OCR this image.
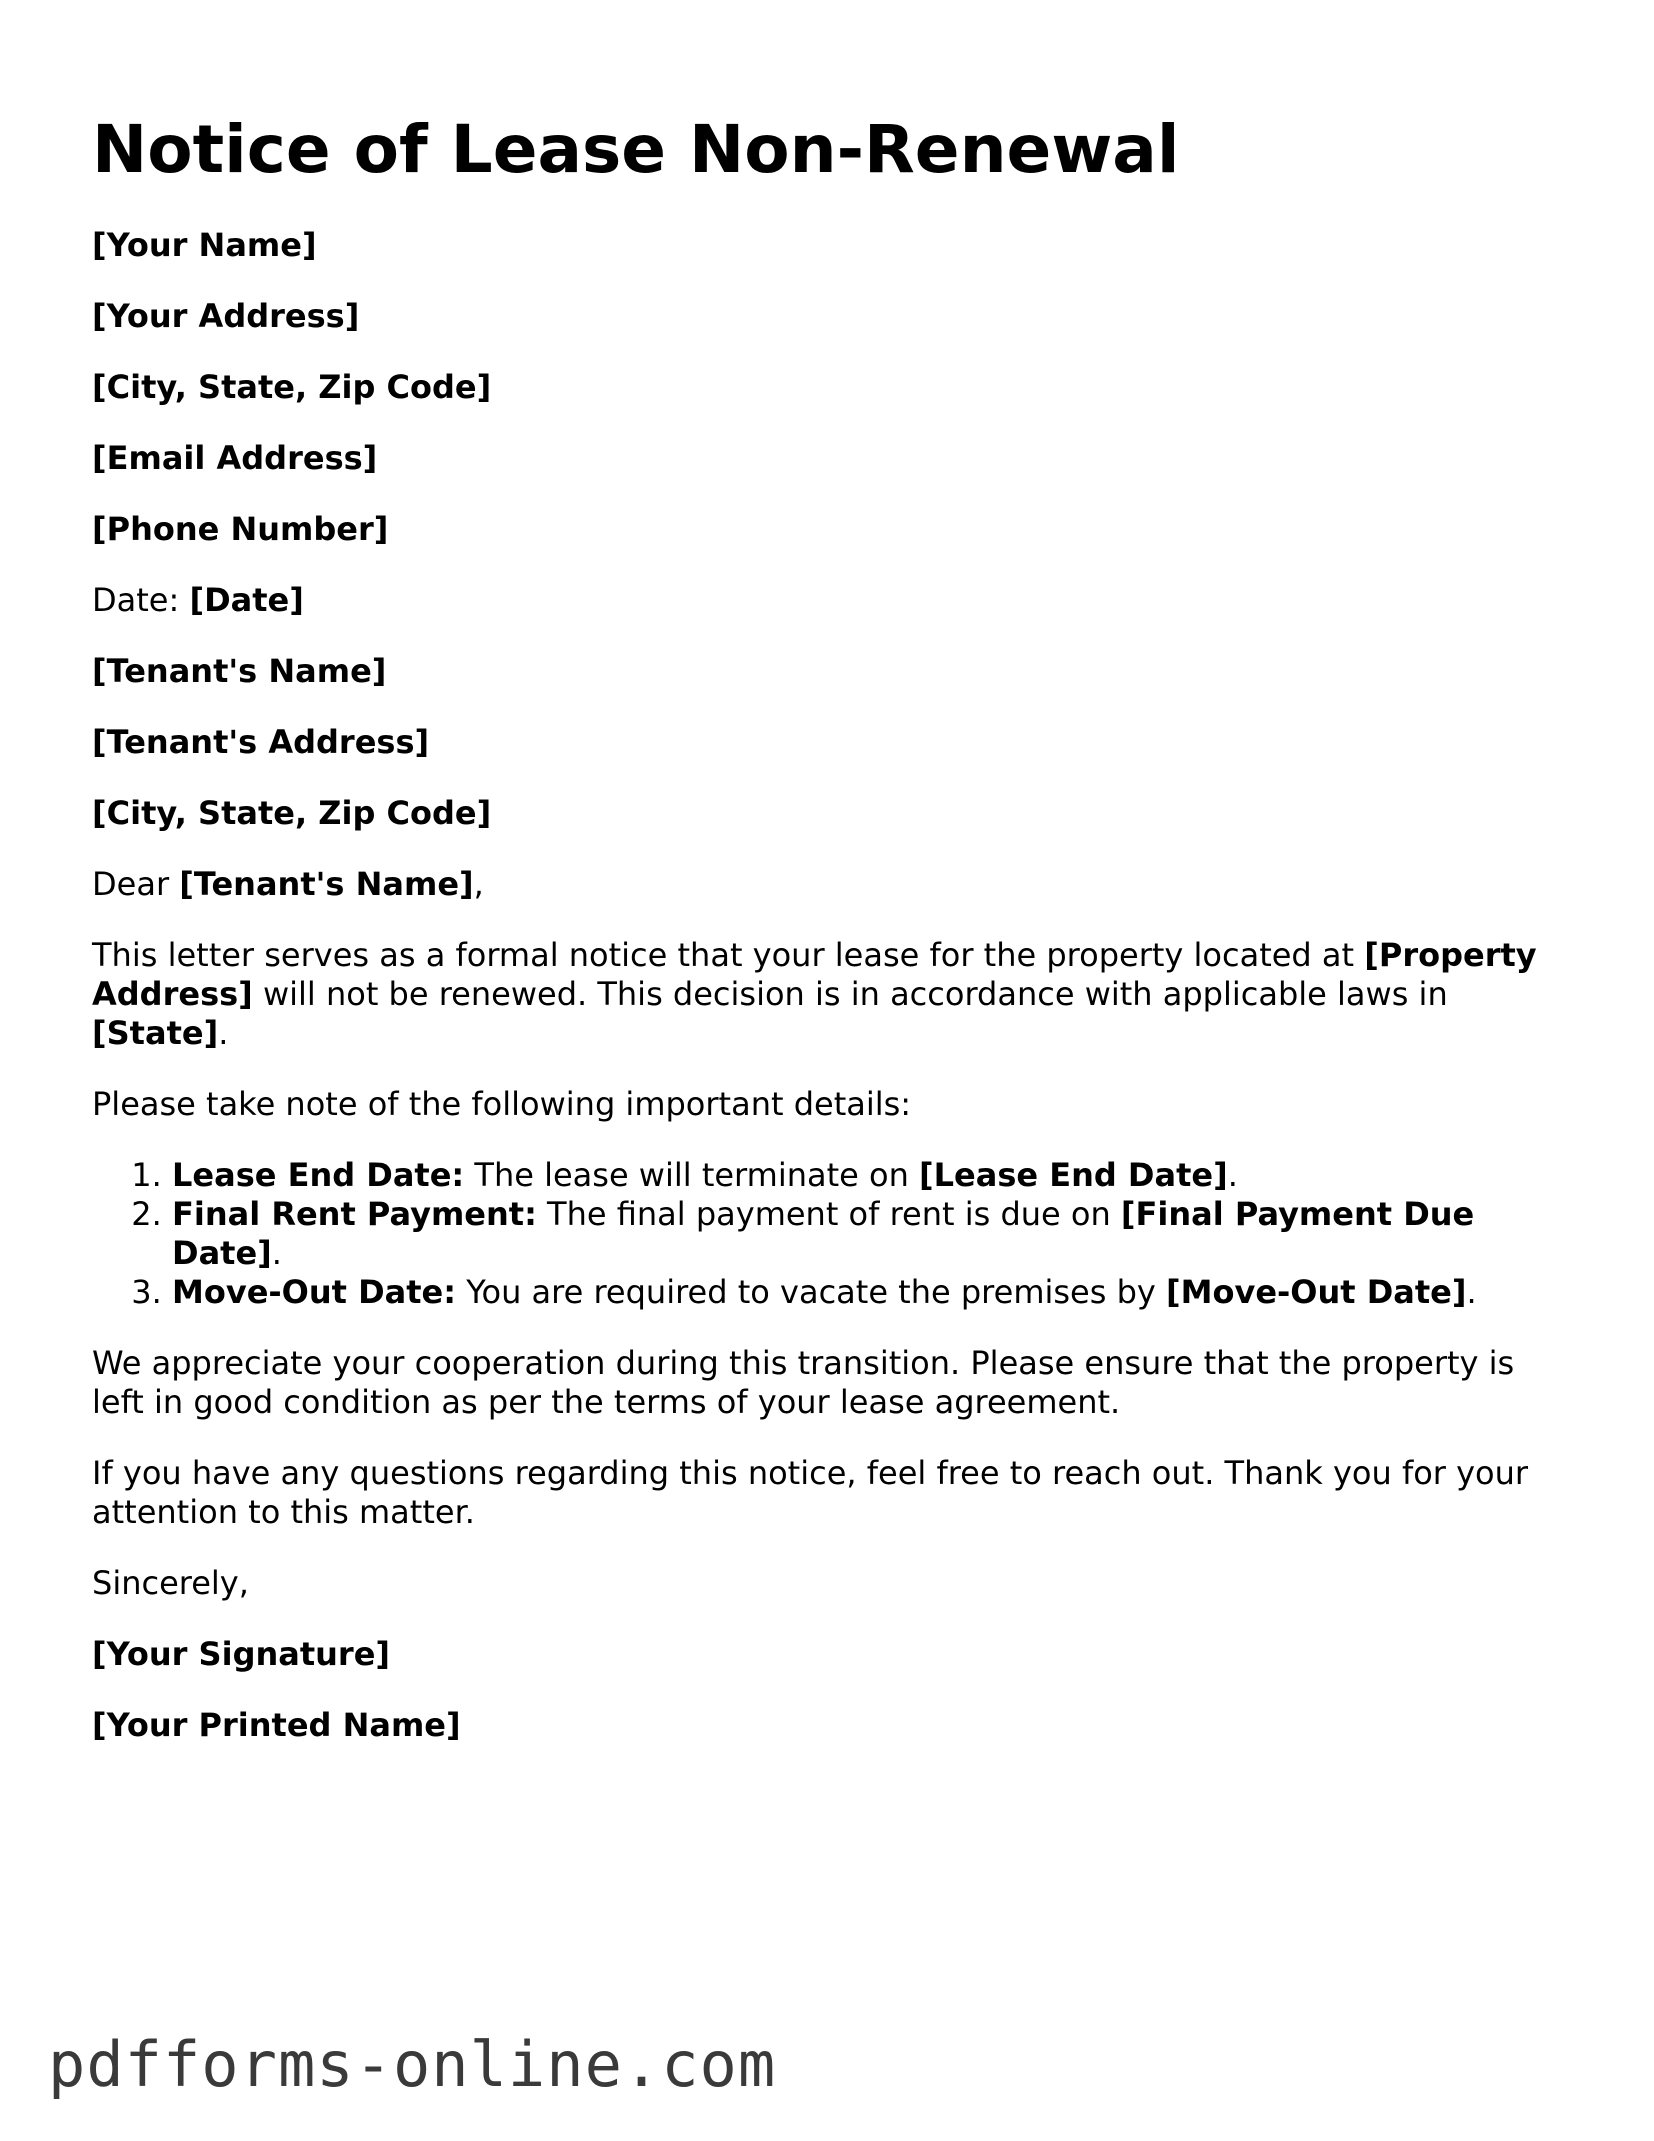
Notice of Lease Non-Renewal

[Your Name]

[Your Address]

[City, State, Zip Code]

[Email Address]

[Phone Number]

Date: [Date]

[Tenant's Name]

[Tenant's Address]

[City, State, Zip Code]

Dear [Tenant's Name],

This letter serves as a formal notice that your lease for the property located at [Property Address] will not be renewed. This decision is in accordance with applicable laws in [State].

Please take note of the following important details:

1. Lease End Date: The lease will terminate on [Lease End Date].
2. Final Rent Payment: The final payment of rent is due on [Final Payment Due Date].
3. Move-Out Date: You are required to vacate the premises by [Move-Out Date].

We appreciate your cooperation during this transition. Please ensure that the property is left in good condition as per the terms of your lease agreement.

If you have any questions regarding this notice, feel free to reach out. Thank you for your attention to this matter.

Sincerely,

[Your Signature]

[Your Printed Name]

pdfforms-online.com
